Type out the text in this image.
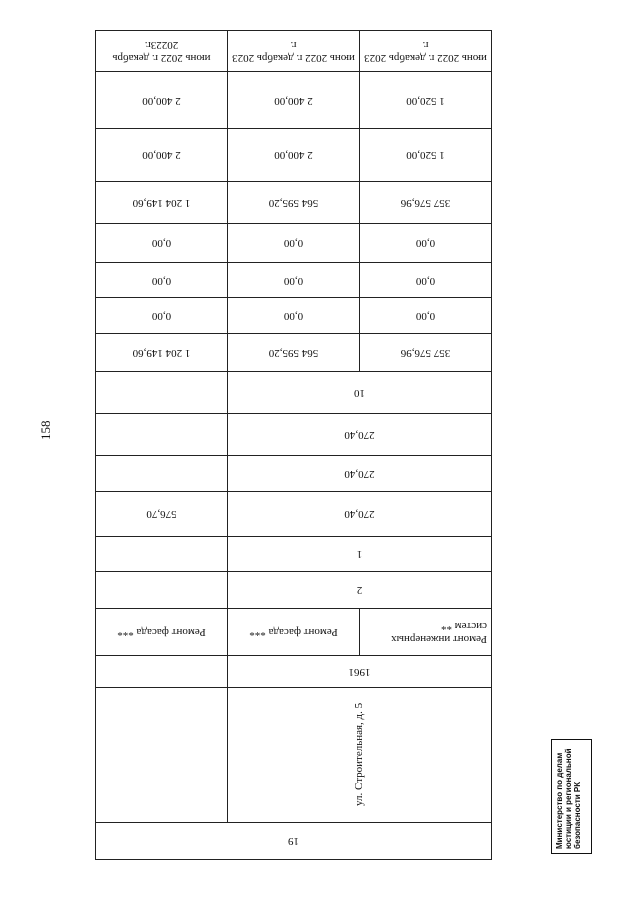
158
19		
ул. Строительная, д. 5		
1961		
Ремонт инженерных систем **	Ремонт фасада ***	Ремонт фасада ***
2		
1		
270,40		576,70
270,40		
270,40		
10		
357 576,96	564 595,20	1 204 149,60
0,00	0,00	0,00
0,00	0,00	0,00
0,00	0,00	0,00
357 576,96	564 595,20	1 204 149,60
1 520,00	2 400,00	2 400,00
1 520,00	2 400,00	2 400,00
июнь 2022 г. декабрь 2023 г.	июнь 2022 г. декабрь 2023 г.	июнь 2022 г. декабрь 20223г.
Министерство по делам юстиции и региональной безопасности РК
